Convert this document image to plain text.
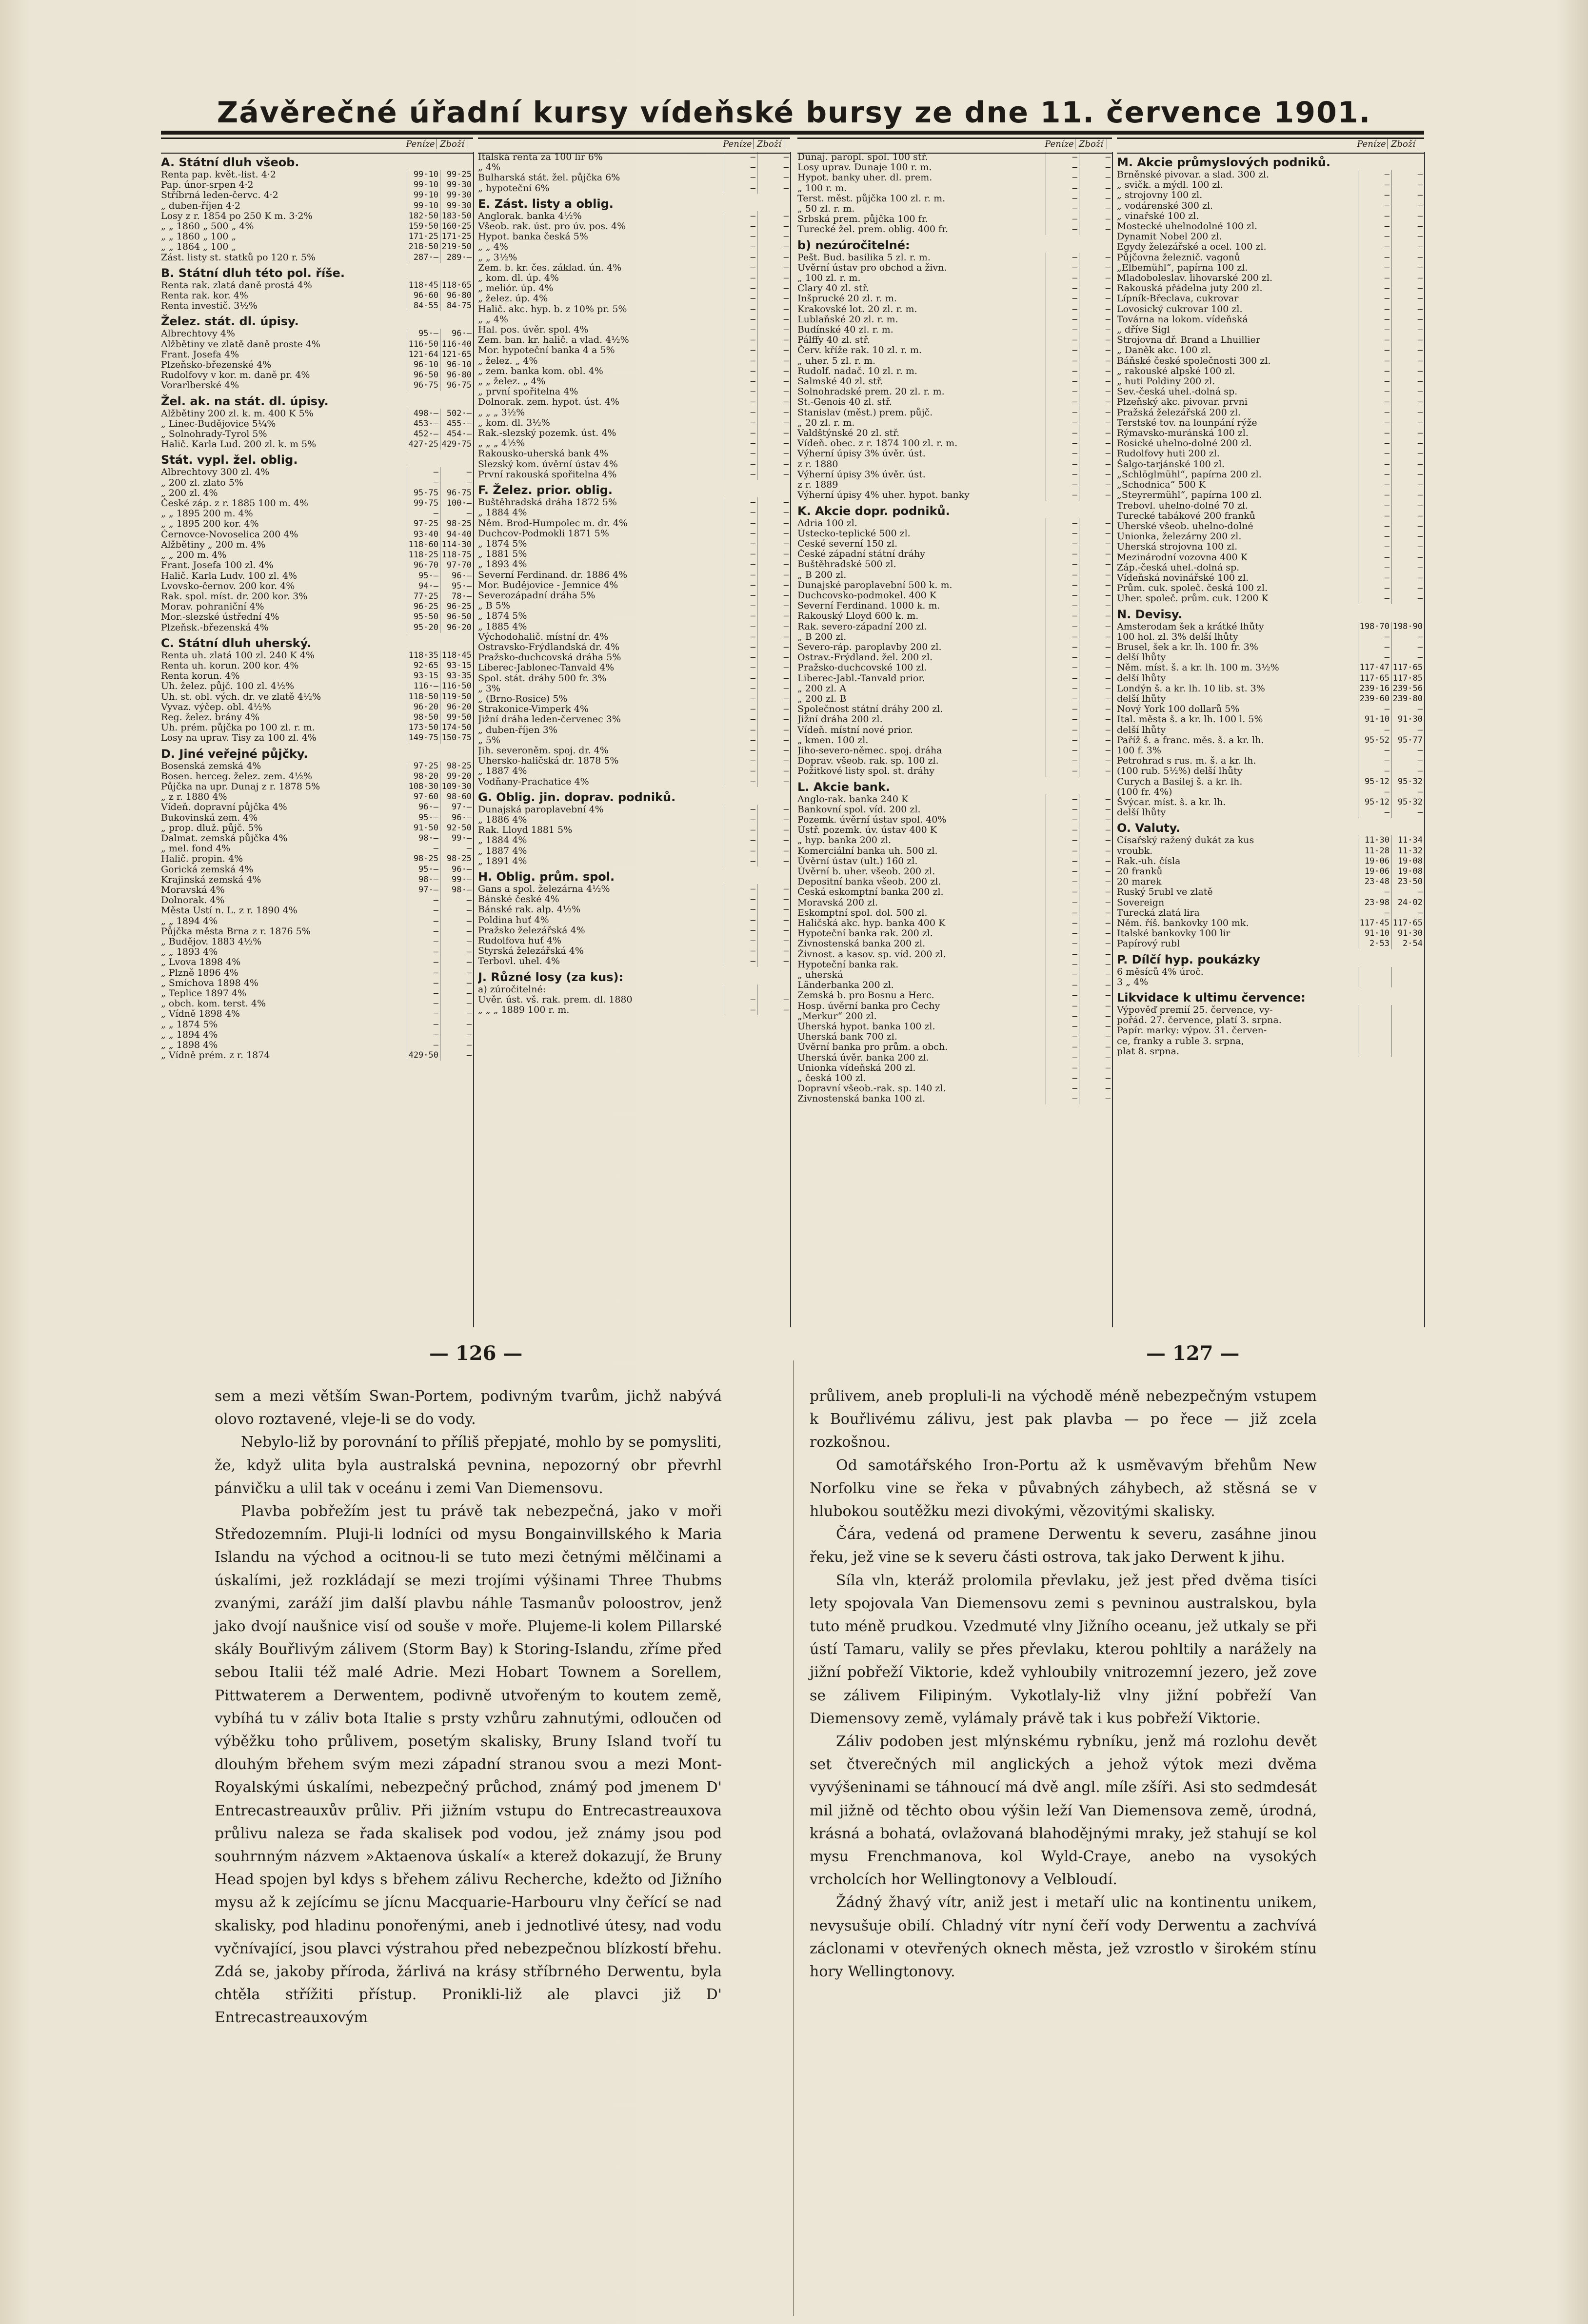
Závěrečné úřadní kursy vídeňské bursy ze dne 11. července 1901.
Peníze Zboží
A. Státní dluh všeob.
Renta pap. květ.-list. 4·2	99·10 99·25
Pap. únor-srpen 4·2	99·10 99·30
Stříbrná leden-červc. 4·2	99·10 99·30
„ duben-říjen 4·2	99·10 99·30
Losy z r. 1854 po 250 K m. 3·2%	182·50 183·50
„ „ 1860 „ 500 „ 4%	159·50 160·25
„ „ 1860 „ 100 „	171·25 171·25
„ „ 1864 „ 100 „	218·50 219·50
Zást. listy st. statků po 120 r. 5%	287·— 289·—
B. Státní dluh této pol. říše.
Renta rak. zlatá daně prostá 4%	118·45 118·65
Renta rak. kor. 4%	96·60 96·80
Renta investič. 3½%	84·55 84·75
Želez. stát. dl. úpisy.
Albrechtovy 4%	95·—	96·—
Alžbětiny ve zlatě daně proste 4%	116·50 116·40
Frant. Josefa 4%	121·64 121·65
Plzeňsko-březenské 4%	96·10 96·10
Rudolfovy v kor. m. daně pr. 4%	96·50 96·80
Vorarlberské 4%	96·75 96·75
Žel. ak. na stát. dl. úpisy.
Alžbětiny 200 zl. k. m. 400 K 5%	498·— 502·—
„ Linec-Budějovice 5¼%	453·— 455·—
„ Solnohrady-Tyrol 5%	452·— 454·—
Halič. Karla Lud. 200 zl. k. m 5%	427·25 429·75
Stát. vypl. žel. oblig.
Albrechtovy 300 zl. 4%	—	—
„ 200 zl. zlato 5%	—	—
„ 200 zl. 4%	95·75 96·75
České záp. z r. 1885 100 m. 4%	99·75 100·—
„ „ 1895 200 m. 4%	—	—
„ „ 1895 200 kor. 4%	97·25 98·25
Černovce-Novoselica 200 4%	93·40 94·40
Alžbětiny „ 200 m. 4%	118·60 114·30
„ „ 200 m. 4%	118·25 118·75
Frant. Josefa 100 zl. 4%	96·70 97·70
Halič. Karla Ludv. 100 zl. 4%	95·—	96·—
Lvovsko-černov. 200 kor. 4%	94·—	95·—
Rak. spol. míst. dr. 200 kor. 3%	77·25	78·—
Morav. pohraniční 4%	96·25 96·25
Mor.-slezské ústřední 4%	95·50 96·50
Plzeňsk.-březenská 4%	95·20 96·20
C. Státní dluh uherský.
Renta uh. zlatá 100 zl. 240 K 4%	118·35 118·45
Renta uh. korun. 200 kor. 4%	92·65 93·15
Renta korun. 4%	93·15 93·35
Uh. želez. půjč. 100 zl. 4½%	116·— 116·50
Uh. st. obl. vých. dr. ve zlatě 4½%	118·50 119·50
Vyvaz. výčep. obl. 4½%	96·20 96·20
Reg. želez. brány 4%	98·50 99·50
Uh. prém. půjčka po 100 zl. r. m.	173·50 174·50
Losy na uprav. Tisy za 100 zl. 4%	149·75 150·75
D. Jiné veřejné půjčky.
Bosenská zemská 4%	97·25 98·25
Bosen. herceg. želez. zem. 4½%	98·20 99·20
Půjčka na upr. Dunaj z r. 1878 5%	108·30 109·30
„ z r. 1880 4%	97·60 98·60
Vídeň. dopravní půjčka 4%	96·—	97·—
Bukovinská zem. 4%	95·—	96·—
„ prop. dluž. půjč. 5%	91·50 92·50
Dalmat. zemská půjčka 4%	98·—	99·—
„ mel. fond 4%	—	—
Halič. propin. 4%	98·25 98·25
Gorická zemská 4%	95·—	96·—
Krajinská zemská 4%	98·—	99·—
Moravská 4%	97·—	98·—
Dolnorak. 4%	—	—
Města Ústí n. L. z r. 1890 4%	—	—
„ „ 1894 4%	—	—
Půjčka města Brna z r. 1876 5%	—	—
„ Budějov. 1883 4½%	—	—
„ „ 1893 4%	—	—
„ Lvova 1898 4%	—	—
„ Plzně 1896 4%	—	—
„ Smíchova 1898 4%	—	—
„ Teplice 1897 4%	—	—
„ obch. kom. terst. 4%	—	—
„ Vídně 1898 4%	—	—
„ „ 1874 5%	—	—
„ „ 1894 4%	—	—
„ „ 1898 4%	—	—
„ Vídně prém. z r. 1874	429·50	—
Peníze Zboží
Italská renta za 100 lir 6%	—	—
„ 4%	—	—
Bulharská stát. žel. půjčka 6%	—	—
„ hypoteční 6%	—	—
E. Zást. listy a oblig.
Anglorak. banka 4½%	—	—
Všeob. rak. úst. pro úv. pos. 4%	—	—
Hypot. banka česká 5%	—	—
„ „ 4%	—	—
„ „ 3½%	—	—
Zem. b. kr. čes. základ. ún. 4%	—	—
„ kom. dl. úp. 4%	—	—
„ meliór. úp. 4%	—	—
„ želez. úp. 4%	—	—
Halič. akc. hyp. b. z 10% pr. 5%	—	—
„ „ 4%	—	—
Hal. pos. úvěr. spol. 4%	—	—
Zem. ban. kr. halič. a vlad. 4½%	—	—
Mor. hypoteční banka 4 a 5%	—	—
„ želez. „ 4%	—	—
„ zem. banka kom. obl. 4%	—	—
„ „ želez. „ 4%	—	—
„ první spořitelna 4%	—	—
Dolnorak. zem. hypot. úst. 4%	—	—
„ „ „ 3½%	—	—
„ kom. dl. 3½%	—	—
Rak.-slezský pozemk. úst. 4%	—	—
„ „ „ 4½%	—	—
Rakousko-uherská bank 4%	—	—
Slezský kom. úvěrní ústav 4%	—	—
První rakouská spořitelna 4%	—	—
F. Želez. prior. oblig.
Buštěhradská dráha 1872 5%	—	—
„ 1884 4%	—	—
Něm. Brod-Humpolec m. dr. 4%	—	—
Duchcov-Podmokli 1871 5%	—	—
„ 1874 5%	—	—
„ 1881 5%	—	—
„ 1893 4%	—	—
Severní Ferdinand. dr. 1886 4%	—	—
Mor. Budějovice - Jemnice 4%	—	—
Severozápadní dráha 5%	—	—
„ B 5%	—	—
„ 1874 5%	—	—
„ 1885 4%	—	—
Východohalič. místní dr. 4%	—	—
Ostravsko-Frýdlandská dr. 4%	—	—
Pražsko-duchcovská dráha 5%	—	—
Liberec-Jablonec-Tanvald 4%	—	—
Spol. stát. dráhy 500 fr. 3%	—	—
„ 3%	—	—
„ (Brno-Rosice) 5%	—	—
Strakonice-Vimperk 4%	—	—
Jižní dráha leden-červenec 3%	—	—
„ duben-říjen 3%	—	—
„ 5%	—	—
Jih. severoněm. spoj. dr. 4%	—	—
Uhersko-haličská dr. 1878 5%	—	—
„ 1887 4%	—	—
Vodňany-Prachatice 4%	—	—
G. Oblig. jin. doprav. podniků.
Dunajská paroplavební 4%	—	—
„ 1886 4%	—	—
Rak. Lloyd 1881 5%	—	—
„ 1884 4%	—	—
„ 1887 4%	—	—
„ 1891 4%	—	—
H. Oblig. prům. spol.
Gans a spol. železárna 4½%	—	—
Bánské české 4%	—	—
Bánské rak. alp. 4½%	—	—
Poldina huť 4%	—	—
Pražsko železářská 4%	—	—
Rudolfova huť 4%	—	—
Styrská železářská 4%	—	—
Terbovl. uhel. 4%	—	—
J. Různé losy (za kus):
a) zúročitelné:
Úvěr. úst. vš. rak. prem. dl. 1880	—	—
„ „ „ 1889 100 r. m.	—	—
Peníze Zboží
Dunaj. paropl. spol. 100 stř.	—	—
Losy uprav. Dunaje 100 r. m.	—	—
Hypot. banky uher. dl. prem.	—	—
„ 100 r. m.	—	—
Terst. měst. půjčka 100 zl. r. m.	—	—
„ 50 zl. r. m.	—	—
Srbská prem. půjčka 100 fr.	—	—
Turecké žel. prem. oblig. 400 fr.	—	—
b) nezúročitelné:
Pešt. Bud. basilika 5 zl. r. m.	—	—
Úvěrní ústav pro obchod a živn.	—	—
„ 100 zl. r. m.	—	—
Clary 40 zl. stř.	—	—
Inšprucké 20 zl. r. m.	—	—
Krakovské lot. 20 zl. r. m.	—	—
Lublaňské 20 zl. r. m.	—	—
Budínské 40 zl. r. m.	—	—
Pálffy 40 zl. stř.	—	—
Červ. kříže rak. 10 zl. r. m.	—	—
„ uher. 5 zl. r. m.	—	—
Rudolf. nadač. 10 zl. r. m.	—	—
Salmské 40 zl. stř.	—	—
Solnohradské prem. 20 zl. r. m.	—	—
St.-Genois 40 zl. stř.	—	—
Stanislav (měst.) prem. půjč.	—	—
„ 20 zl. r. m.	—	—
Valdštýnské 20 zl. stř.	—	—
Vídeň. obec. z r. 1874 100 zl. r. m.	—	—
Výherní úpisy 3% úvěr. úst.	—	—
z r. 1880	—	—
Výherní úpisy 3% úvěr. úst.	—	—
z r. 1889	—	—
Výherní úpisy 4% uher. hypot. banky	—	—
K. Akcie dopr. podniků.
Adria 100 zl.	—	—
Ústecko-teplické 500 zl.	—	—
České severní 150 zl.	—	—
České západní státní dráhy	—	—
Buštěhradské 500 zl.	—	—
„ B 200 zl.	—	—
Dunajské paroplavební 500 k. m.	—	—
Duchcovsko-podmokel. 400 K	—	—
Severní Ferdinand. 1000 k. m.	—	—
Rakouský Lloyd 600 k. m.	—	—
Rak. severo-západní 200 zl.	—	—
„ B 200 zl.	—	—
Severo-ráp. paroplavby 200 zl.	—	—
Ostrav.-Frýdland. žel. 200 zl.	—	—
Pražsko-duchcovské 100 zl.	—	—
Liberec-Jabl.-Tanvald prior.	—	—
„ 200 zl. A	—	—
„ 200 zl. B	—	—
Společnost státní dráhy 200 zl.	—	—
Jižní dráha 200 zl.	—	—
Vídeň. místní nové prior.	—	—
„ kmen. 100 zl.	—	—
Jiho-severo-němec. spoj. dráha	—	—
Doprav. všeob. rak. sp. 100 zl.	—	—
Požitkové listy spol. st. dráhy	—	—
L. Akcie bank.
Anglo-rak. banka 240 K	—	—
Bankovní spol. víd. 200 zl.	—	—
Pozemk. úvěrní ústav spol. 40%	—	—
Ústř. pozemk. úv. ústav 400 K	—	—
„ hyp. banka 200 zl.	—	—
Komerciální banka uh. 500 zl.	—	—
Úvěrní ústav (ult.) 160 zl.	—	—
Úvěrní b. uher. všeob. 200 zl.	—	—
Depositní banka všeob. 200 zl.	—	—
Česká eskomptní banka 200 zl.	—	—
Moravská 200 zl.	—	—
Eskomptní spol. dol. 500 zl.	—	—
Haličská akc. hyp. banka 400 K	—	—
Hypoteční banka rak. 200 zl.	—	—
Živnostenská banka 200 zl.	—	—
Živnost. a kasov. sp. víd. 200 zl.	—	—
Hypoteční banka rak.	—	—
„ uherská	—	—
Länderbanka 200 zl.	—	—
Zemská b. pro Bosnu a Herc.	—	—
Hosp. úvěrní banka pro Čechy	—	—
„Merkur“ 200 zl.	—	—
Uherská hypot. banka 100 zl.	—	—
Uherská bank 700 zl.	—	—
Úvěrní banka pro prům. a obch.	—	—
Uherská úvěr. banka 200 zl.	—	—
Unionka vídeňská 200 zl.	—	—
„ česká 100 zl.	—	—
Dopravní všeob.-rak. sp. 140 zl.	—	—
Živnostenská banka 100 zl.	—	—
Peníze Zboží
M. Akcie průmyslových podniků.
Brněnské pivovar. a slad. 300 zl.	—	—
„ svičk. a mýdl. 100 zl.	—	—
„ strojovny 100 zl.	—	—
„ vodárenské 300 zl.	—	—
„ vinařské 100 zl.	—	—
Mostecké uhelnodolné 100 zl.	—	—
Dynamit Nobel 200 zl.	—	—
Egydy železářské a ocel. 100 zl.	—	—
Půjčovna železnič. vagonů	—	—
„Elbemühl“, papírna 100 zl.	—	—
Mladoboleslav. lihovarské 200 zl.	—	—
Rakouská přádelna juty 200 zl.	—	—
Lípník-Břeclava, cukrovar	—	—
Lovosický cukrovar 100 zl.	—	—
Továrna na lokom. vídeňská	—	—
„ dříve Sigl	—	—
Strojovna dř. Brand a Lhuillier	—	—
„ Daněk akc. 100 zl.	—	—
Báňské české společnosti 300 zl.	—	—
„ rakouské alpské 100 zl.	—	—
„ huti Poldiny 200 zl.	—	—
Sev.-česká uhel.-dolná sp.	—	—
Plzeňský akc. pivovar. prvni	—	—
Pražská železářská 200 zl.	—	—
Terstské tov. na lounpání rýže	—	—
Rýmavsko-muránská 100 zl.	—	—
Rosické uhelno-dolné 200 zl.	—	—
Rudolfovy huti 200 zl.	—	—
Šalgo-tarjánské 100 zl.	—	—
„Schlöglmühl“, papírna 200 zl.	—	—
„Schodnica“ 500 K	—	—
„Steyrermühl“, papírna 100 zl.	—	—
Trebovl. uhelno-dolné 70 zl.	—	—
Turecké tabákové 200 franků	—	—
Uherské všeob. uhelno-dolné	—	—
Unionka, železárny 200 zl.	—	—
Uherská strojovna 100 zl.	—	—
Mezinárodní vozovna 400 K	—	—
Záp.-česká uhel.-dolná sp.	—	—
Vídeňská novinářské 100 zl.	—	—
Prům. cuk. společ. česká 100 zl.	—	—
Uher. společ. prům. cuk. 1200 K	—	—
N. Devisy.
Amsterodam šek a krátké lhůty	198·70 198·90
100 hol. zl. 3% delší lhůty	—	—
Brusel, šek a kr. lh. 100 fr. 3%	—	—
delší lhůty	—	—
Něm. míst. š. a kr. lh. 100 m. 3½%	117·47 117·65
delší lhůty	117·65 117·85
Londýn š. a kr. lh. 10 lib. st. 3%	239·16 239·56
delší lhůty	239·60 239·80
Nový York 100 dollarů 5%	—	—
Ital. města š. a kr. lh. 100 l. 5%	91·10 91·30
delší lhůty	—	—
Paříž š. a franc. měs. š. a kr. lh.	95·52 95·77
100 f. 3%	—	—
Petrohrad s rus. m. š. a kr. lh.	—	—
(100 rub. 5½%) delší lhůty	—	—
Curych a Basilej š. a kr. lh.	95·12 95·32
(100 fr. 4%)	—	—
Švýcar. míst. š. a kr. lh.	95·12 95·32
delší lhůty	—	—
O. Valuty.
Císařský ražený dukát za kus	11·30 11·34
vroubk.	11·28 11·32
Rak.-uh. čísla	19·06 19·08
20 franků	19·06 19·08
20 marek	23·48 23·50
Ruský 5rubl ve zlatě	—	—
Sovereign	23·98 24·02
Turecká zlatá lira	—	—
Něm. říš. bankovky 100 mk.	117·45 117·65
Italské bankovky 100 lir	91·10 91·30
Papírový rubl	2·53	2·54
P. Dílčí hyp. poukázky
6 měsíců 4% úroč.
3 „ 4%
Likvidace k ultimu července:
Výpověď premií 25. července, vy-
pořád. 27. července, platí 3. srpna.
Papír. marky: výpov. 31. červen-
ce, franky a ruble 3. srpna,
plat 8. srpna.
— 126 —	— 127 —

sem a mezi větším Swan-Portem, podivným tvarům, jichž nabývá olovo roztavené, vleje-li se do vody.

Nebylo-liž by porovnání to příliš přepjaté, mohlo by se pomysliti, že, když ulita byla australská pevnina, nepozorný obr převrhl pánvičku a ulil tak v oceánu i zemi Van Diemensovu.

Plavba pobřežím jest tu právě tak nebezpečná, jako v moři Středozemním. Pluji-li lodníci od mysu Bongainvillského k Maria Islandu na východ a ocitnou-li se tuto mezi četnými mělčinami a úskalími, jež rozkládají se mezi trojími výšinami Three Thubms zvanými, zaráží jim další plavbu náhle Tasmanův poloostrov, jenž jako dvojí naušnice visí od souše v moře. Plujeme-li kolem Pillarské skály Bouřlivým zálivem (Storm Bay) k Storing-Islandu, zříme před sebou Italii též malé Adrie. Mezi Hobart Townem a Sorellem, Pittwaterem a Derwentem, podivně utvořeným to koutem země, vybíhá tu v záliv bota Italie s prsty vzhůru zahnutými, odloučen od výběžku toho průlivem, posetým skalisky, Bruny Island tvoří tu dlouhým břehem svým mezi západní stranou svou a mezi Mont-Royalskými úskalími, nebezpečný průchod, známý pod jmenem D' Entrecastreauxův průliv. Při jižním vstupu do Entrecastreauxova průlivu naleza se řada skalisek pod vodou, jež známy jsou pod souhrnným názvem »Aktaenova úskalí« a kterež dokazují, že Bruny Head spojen byl kdys s břehem zálivu Recherche, kdežto od Jižního mysu až k zejícímu se jícnu Macquarie-Harbouru vlny čeřící se nad skalisky, pod hladinu ponořenými, aneb i jednotlivé útesy, nad vodu vyčnívající, jsou plavci výstrahou před nebezpečnou blízkostí břehu. Zdá se, jakoby příroda, žárlivá na krásy stříbrného Derwentu, byla chtěla střížiti přístup. Pronikli-liž ale plavci již D' Entrecastreauxovým

průlivem, aneb propluli-li na východě méně nebezpečným vstupem k Bouřlivému zálivu, jest pak plavba — po řece — již zcela rozkošnou.

Od samotářského Iron-Portu až k usměvavým břehům New Norfolku vine se řeka v půvabných záhybech, až stěsná se v hlubokou soutěžku mezi divokými, vězovitými skalisky.

Čára, vedená od pramene Derwentu k severu, zasáhne jinou řeku, jež vine se k severu části ostrova, tak jako Derwent k jihu.

Síla vln, kteráž prolomila převlaku, jež jest před dvěma tisíci lety spojovala Van Diemensovu zemi s pevninou australskou, byla tuto méně prudkou. Vzedmuté vlny Jižního oceanu, jež utkaly se při ústí Tamaru, valily se přes převlaku, kterou pohltily a narážely na jižní pobřeží Viktorie, kdež vyhloubily vnitrozemní jezero, jež zove se zálivem Filipiným. Vykotlaly-liž vlny jižní pobřeží Van Diemensovy země, vylámaly právě tak i kus pobřeží Viktorie.

Záliv podoben jest mlýnskému rybníku, jenž má rozlohu devět set čtverečných mil anglických a jehož výtok mezi dvěma vyvýšeninami se táhnoucí má dvě angl. míle zšíři. Asi sto sedmdesát mil jižně od těchto obou výšin leží Van Diemensova země, úrodná, krásná a bohatá, ovlažovaná blahodějnými mraky, jež stahují se kol mysu Frenchmanova, kol Wyld-Craye, anebo na vysokých vrcholcích hor Wellingtonovy a Velbloudí.

Žádný žhavý vítr, aniž jest i metaří ulic na kontinentu unikem, nevysušuje obilí. Chladný vítr nyní čeří vody Derwentu a zachvívá záclonami v otevřených oknech města, jež vzrostlo v širokém stínu hory Wellingtonovy.
